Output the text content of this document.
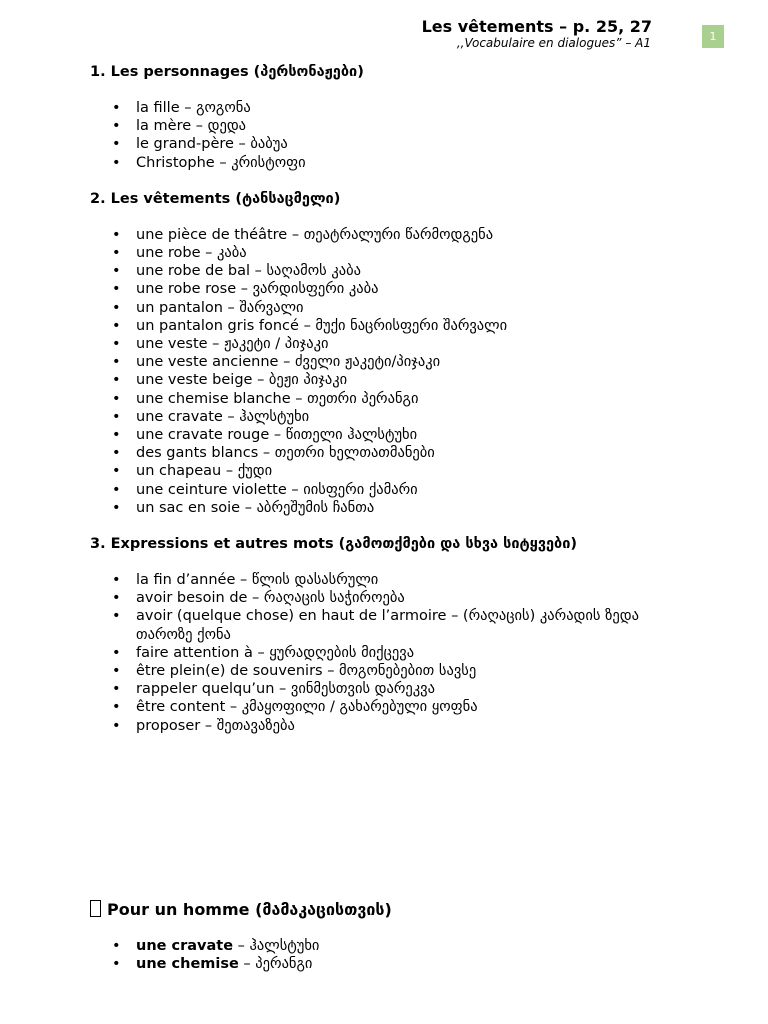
Les vêtements – p. 25, 27
,,Vocabulaire en dialogues” – A1	1
1. Les personnages (პერსონაჟები)
• la fille – გოგონა
• la mère – დედა
• le grand-père – ბაბუა
• Christophe – კრისტოფი
2. Les vêtements (ტანსაცმელი)
• une pièce de théâtre – თეატრალური წარმოდგენა
• une robe – კაბა
• une robe de bal – საღამოს კაბა
• une robe rose – ვარდისფერი კაბა
• un pantalon – შარვალი
• un pantalon gris foncé – მუქი ნაცრისფერი შარვალი
• une veste – ჟაკეტი / პიჯაკი
• une veste ancienne – ძველი ჟაკეტი/პიჯაკი
• une veste beige – ბეჟი პიჯაკი
• une chemise blanche – თეთრი პერანგი
• une cravate – ჰალსტუხი
• une cravate rouge – წითელი ჰალსტუხი
• des gants blancs – თეთრი ხელთათმანები
• un chapeau – ქუდი
• une ceinture violette – იისფერი ქამარი
• un sac en soie – აბრეშუმის ჩანთა
3. Expressions et autres mots (გამოთქმები და სხვა სიტყვები)
• la fin d’année – წლის დასასრული
• avoir besoin de – რაღაცის საჭიროება
• avoir (quelque chose) en haut de l’armoire – (რაღაცის) კარადის ზედა თაროზე ქონა
• faire attention à – ყურადღების მიქცევა
• être plein(e) de souvenirs – მოგონებებით სავსე
• rappeler quelqu’un – ვინმესთვის დარეკვა
• être content – კმაყოფილი / გახარებული ყოფნა
• proposer – შეთავაზება
Pour un homme (მამაკაცისთვის)
• une cravate – ჰალსტუხი
• une chemise – პერანგი
